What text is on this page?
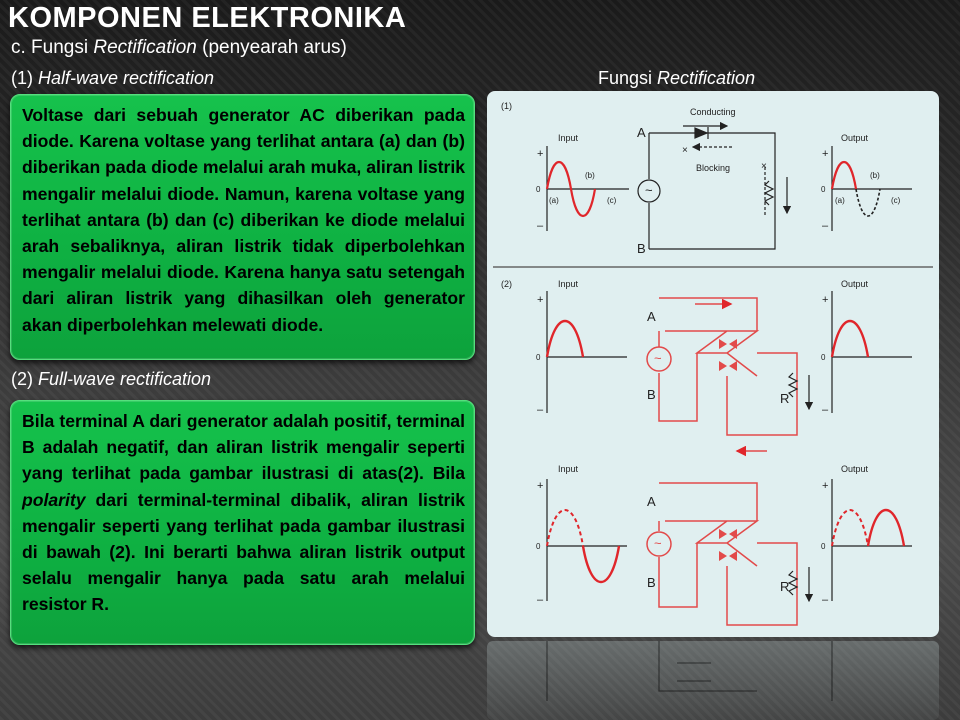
KOMPONEN ELEKTRONIKA
c. Fungsi Rectification (penyearah arus)
(1) Half-wave rectification	Fungsi Rectification

Voltase dari sebuah generator AC diberikan pada diode. Karena voltase yang terlihat antara (a) dan (b) diberikan pada diode melalui arah muka, aliran listrik mengalir melalui diode. Namun, karena voltase yang terlihat antara (b) dan (c) diberikan ke diode melalui arah sebaliknya, aliran listrik tidak diperbolehkan mengalir melalui diode. Karena hanya satu setengah dari aliran listrik yang dihasilkan oleh generator akan diperbolehkan melewati diode.

(2) Full-wave rectification

Bila terminal A dari generator adalah positif, terminal B adalah negatif, dan aliran listrik mengalir seperti yang terlihat pada gambar ilustrasi di atas(2). Bila polarity dari terminal-terminal dibalik, aliran listrik mengalir seperti yang terlihat pada gambar ilustrasi di bawah (2). Ini berarti bahwa aliran listrik output selalu mengalir hanya pada satu arah melalui resistor R.

(1)
Input	Output
+
0
–
(a)
(b)
(c)
~
Conducting
Blocking
×
×
A
B
+
0
–
(a)
(b)
(c)
(2)	Input	Output
+
0
–
~
A
B	R
+
0
–
Input	Output
+
0
–
~
A
B	R
+
0
–
